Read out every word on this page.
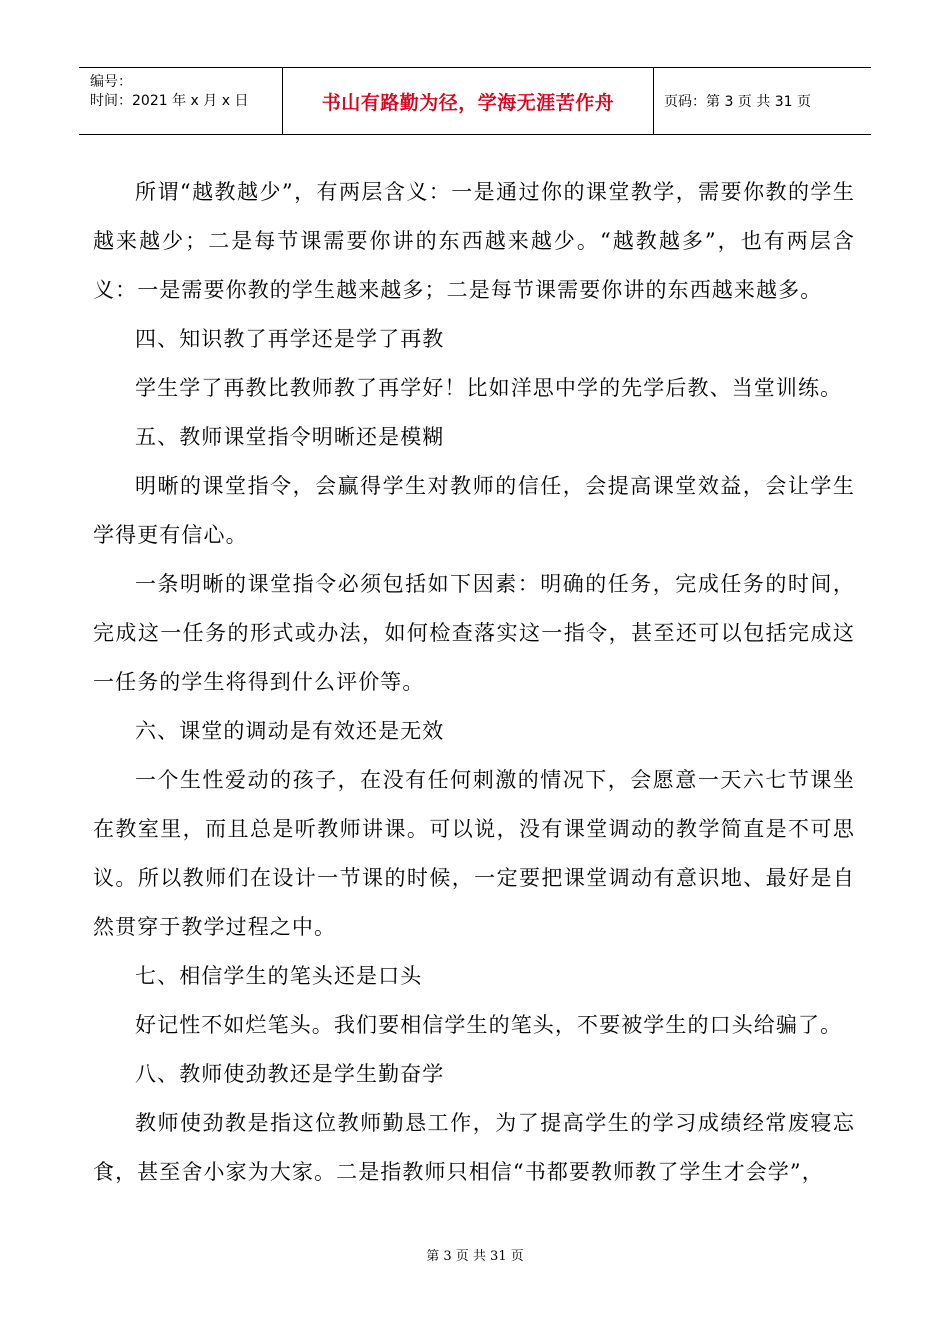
编号：
时间：2021 年 x 月 x 日	书山有路勤为径，学海无涯苦作舟	页码：第 3 页 共 31 页

所谓“越教越少”，有两层含义：一是通过你的课堂教学，需要你教的学生越来越少；二是每节课需要你讲的东西越来越少。“越教越多”，也有两层含义：一是需要你教的学生越来越多；二是每节课需要你讲的东西越来越多。

四、知识教了再学还是学了再教

学生学了再教比教师教了再学好！比如洋思中学的先学后教、当堂训练。

五、教师课堂指令明晰还是模糊

明晰的课堂指令，会赢得学生对教师的信任，会提高课堂效益，会让学生学得更有信心。

一条明晰的课堂指令必须包括如下因素：明确的任务，完成任务的时间，完成这一任务的形式或办法，如何检查落实这一指令，甚至还可以包括完成这一任务的学生将得到什么评价等。

六、课堂的调动是有效还是无效

一个生性爱动的孩子，在没有任何刺激的情况下，会愿意一天六七节课坐在教室里，而且总是听教师讲课。可以说，没有课堂调动的教学简直是不可思议。所以教师们在设计一节课的时候，一定要把课堂调动有意识地、最好是自然贯穿于教学过程之中。

七、相信学生的笔头还是口头

好记性不如烂笔头。我们要相信学生的笔头，不要被学生的口头给骗了。

八、教师使劲教还是学生勤奋学

教师使劲教是指这位教师勤恳工作，为了提高学生的学习成绩经常废寝忘食，甚至舍小家为大家。二是指教师只相信“书都要教师教了学生才会学”，

第 3 页 共 31 页
